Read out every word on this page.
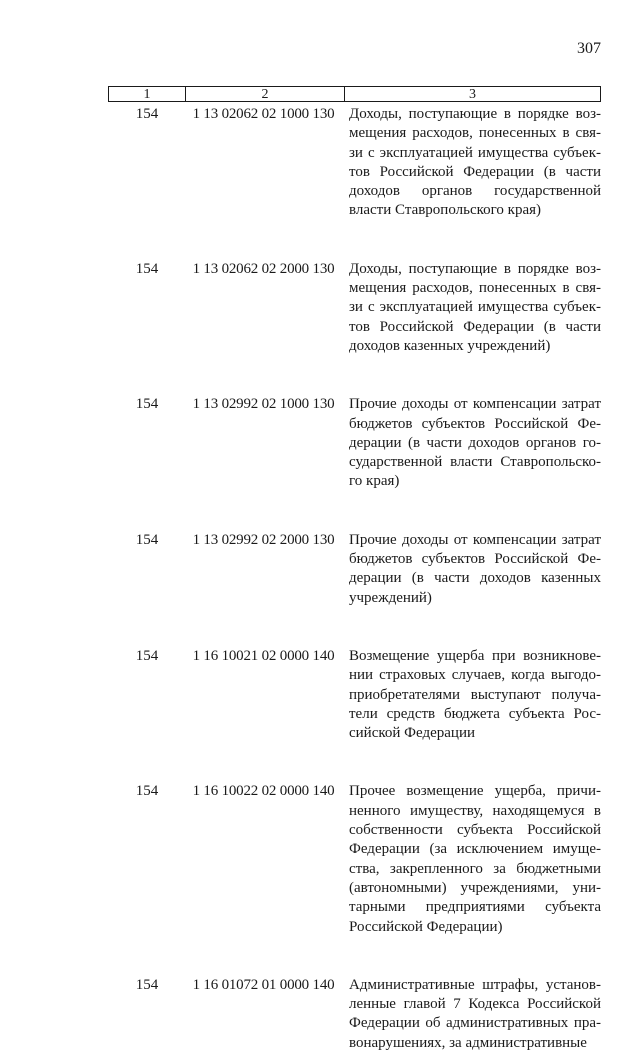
307
1	2	3
154	1 13 02062 02 1000 130 Доходы, поступающие в порядке воз-
мещения расходов, понесенных в свя-
зи с эксплуатацией имущества субъек-
тов Российской Федерации (в части
доходов органов государственной
власти Ставропольского края)
154	1 13 02062 02 2000 130 Доходы, поступающие в порядке воз-
мещения расходов, понесенных в свя-
зи с эксплуатацией имущества субъек-
тов Российской Федерации (в части
доходов казенных учреждений)
154	1 13 02992 02 1000 130 Прочие доходы от компенсации затрат
бюджетов субъектов Российской Фе-
дерации (в части доходов органов го-
сударственной власти Ставропольско-
го края)
154	1 13 02992 02 2000 130 Прочие доходы от компенсации затрат
бюджетов субъектов Российской Фе-
дерации (в части доходов казенных
учреждений)
154	1 16 10021 02 0000 140 Возмещение ущерба при возникнове-
нии страховых случаев, когда выгодо-
приобретателями выступают получа-
тели средств бюджета субъекта Рос-
сийской Федерации
154	1 16 10022 02 0000 140 Прочее возмещение ущерба, причи-
ненного имуществу, находящемуся в
собственности субъекта Российской
Федерации (за исключением имуще-
ства, закрепленного за бюджетными
(автономными) учреждениями, уни-
тарными предприятиями субъекта
Российской Федерации)
154	1 16 01072 01 0000 140 Административные штрафы, установ-
ленные главой 7 Кодекса Российской
Федерации об административных пра-
вонарушениях, за административные
